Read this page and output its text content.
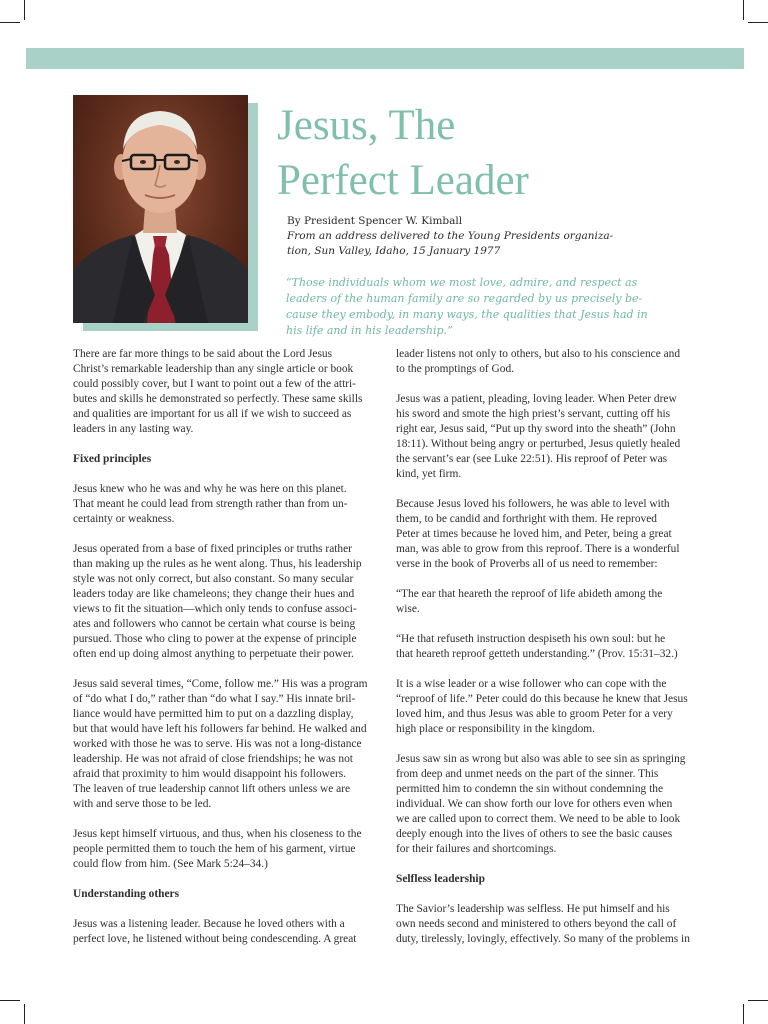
Jesus, The
Perfect Leader
By President Spencer W. Kimball
From an address delivered to the Young Presidents organiza-
tion, Sun Valley, Idaho, 15 January 1977
“Those individuals whom we most love, admire, and respect as
leaders of the human family are so regarded by us precisely be-
cause they embody, in many ways, the qualities that Jesus had in
his life and in his leadership.”

There are far more things to be said about the Lord Jesus
Christ’s remarkable leadership than any single article or book
could possibly cover, but I want to point out a few of the attri-
butes and skills he demonstrated so perfectly. These same skills
and qualities are important for us all if we wish to succeed as
leaders in any lasting way.

Fixed principles

Jesus knew who he was and why he was here on this planet.
That meant he could lead from strength rather than from un-
certainty or weakness.

Jesus operated from a base of fixed principles or truths rather
than making up the rules as he went along. Thus, his leadership
style was not only correct, but also constant. So many secular
leaders today are like chameleons; they change their hues and
views to fit the situation—which only tends to confuse associ-
ates and followers who cannot be certain what course is being
pursued. Those who cling to power at the expense of principle
often end up doing almost anything to perpetuate their power.

Jesus said several times, “Come, follow me.” His was a program
of “do what I do,” rather than “do what I say.” His innate bril-
liance would have permitted him to put on a dazzling display,
but that would have left his followers far behind. He walked and
worked with those he was to serve. His was not a long-distance
leadership. He was not afraid of close friendships; he was not
afraid that proximity to him would disappoint his followers.
The leaven of true leadership cannot lift others unless we are
with and serve those to be led.

Jesus kept himself virtuous, and thus, when his closeness to the
people permitted them to touch the hem of his garment, virtue
could flow from him. (See Mark 5:24–34.)

Understanding others

Jesus was a listening leader. Because he loved others with a
perfect love, he listened without being condescending. A great

leader listens not only to others, but also to his conscience and
to the promptings of God.

Jesus was a patient, pleading, loving leader. When Peter drew
his sword and smote the high priest’s servant, cutting off his
right ear, Jesus said, “Put up thy sword into the sheath” (John
18:11). Without being angry or perturbed, Jesus quietly healed
the servant’s ear (see Luke 22:51). His reproof of Peter was
kind, yet firm.

Because Jesus loved his followers, he was able to level with
them, to be candid and forthright with them. He reproved
Peter at times because he loved him, and Peter, being a great
man, was able to grow from this reproof. There is a wonderful
verse in the book of Proverbs all of us need to remember:

“The ear that heareth the reproof of life abideth among the
wise.

“He that refuseth instruction despiseth his own soul: but he
that heareth reproof getteth understanding.” (Prov. 15:31–32.)

It is a wise leader or a wise follower who can cope with the
“reproof of life.” Peter could do this because he knew that Jesus
loved him, and thus Jesus was able to groom Peter for a very
high place or responsibility in the kingdom.

Jesus saw sin as wrong but also was able to see sin as springing
from deep and unmet needs on the part of the sinner. This
permitted him to condemn the sin without condemning the
individual. We can show forth our love for others even when
we are called upon to correct them. We need to be able to look
deeply enough into the lives of others to see the basic causes
for their failures and shortcomings.

Selfless leadership

The Savior’s leadership was selfless. He put himself and his
own needs second and ministered to others beyond the call of
duty, tirelessly, lovingly, effectively. So many of the problems in
